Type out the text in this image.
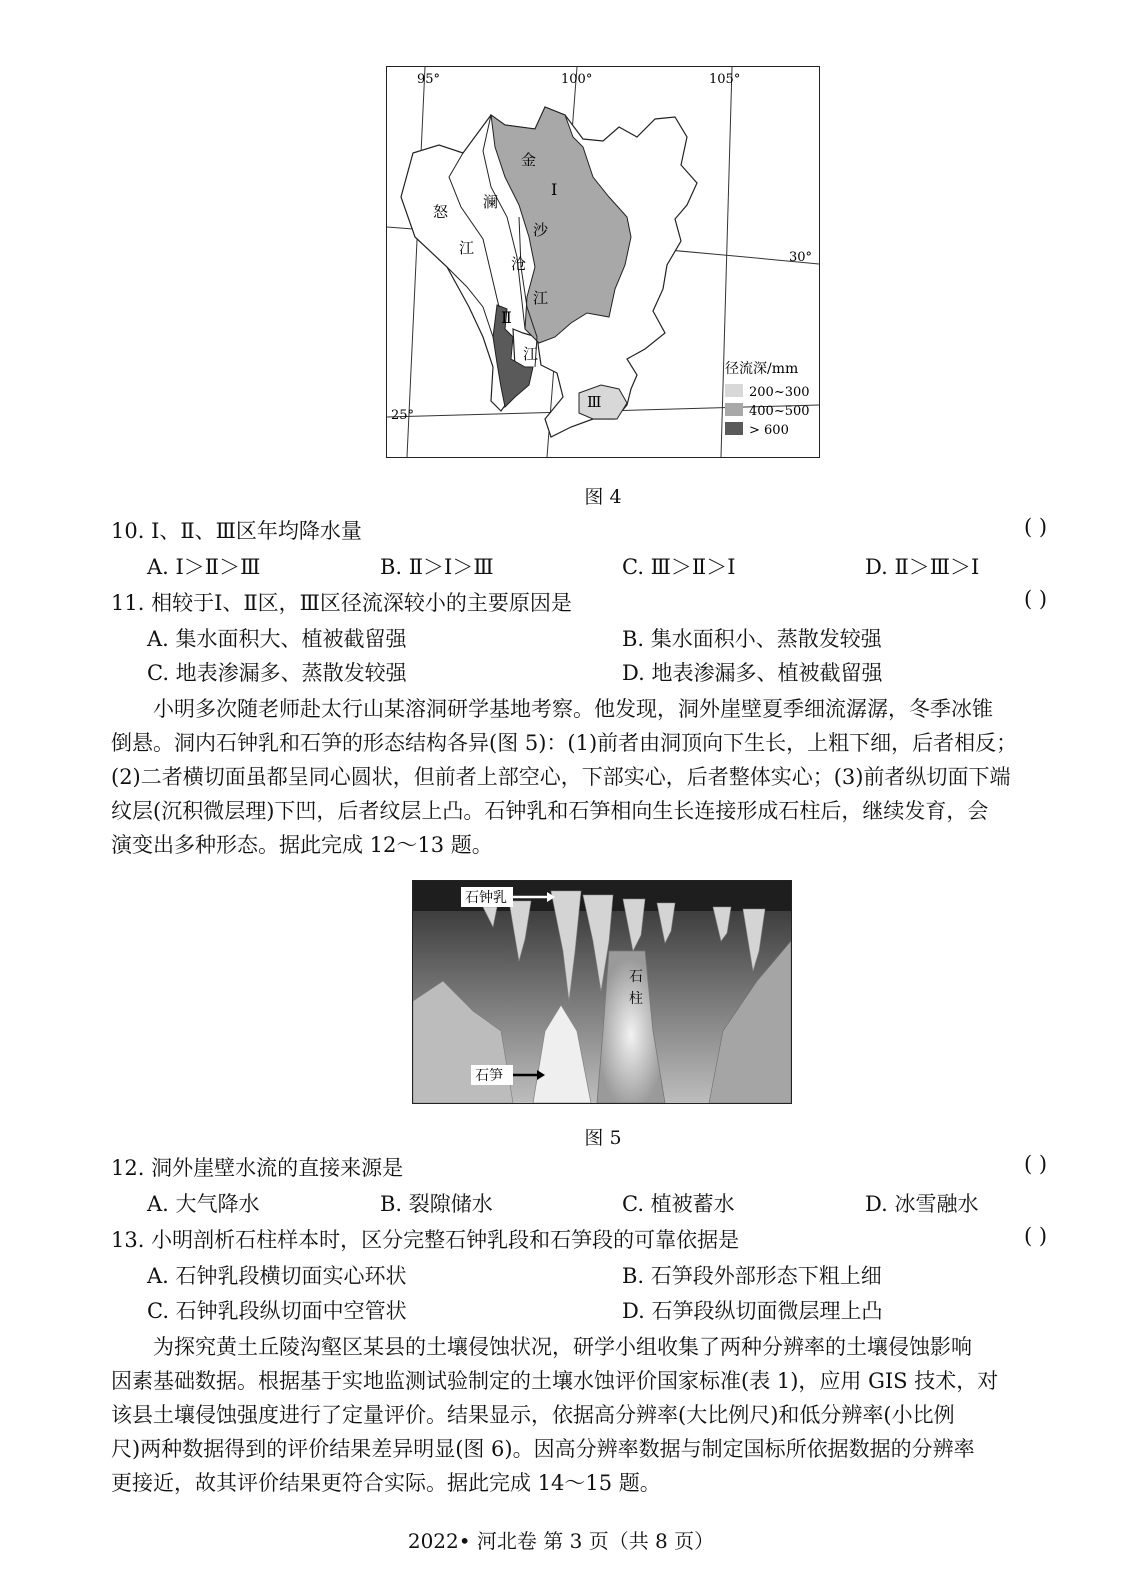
95°	100°	105°
30°
25°
Ⅰ
Ⅱ
Ⅲ
怒
江
澜
沧
江
金
沙
江
径流深/mm
200~300
400~500
> 600
图 4
10. Ⅰ、Ⅱ、Ⅲ区年均降水量	( )
A. Ⅰ＞Ⅱ＞Ⅲ	B. Ⅱ＞Ⅰ＞Ⅲ	C. Ⅲ＞Ⅱ＞Ⅰ	D. Ⅱ＞Ⅲ＞Ⅰ
11. 相较于Ⅰ、Ⅱ区，Ⅲ区径流深较小的主要原因是	( )
A. 集水面积大、植被截留强	B. 集水面积小、蒸散发较强
C. 地表渗漏多、蒸散发较强	D. 地表渗漏多、植被截留强

小明多次随老师赴太行山某溶洞研学基地考察。他发现，洞外崖壁夏季细流潺潺，冬季冰锥

倒悬。洞内石钟乳和石笋的形态结构各异(图 5)：(1)前者由洞顶向下生长，上粗下细，后者相反；

(2)二者横切面虽都呈同心圆状，但前者上部空心，下部实心，后者整体实心；(3)前者纵切面下端

纹层(沉积微层理)下凹，后者纹层上凸。石钟乳和石笋相向生长连接形成石柱后，继续发育，会

演变出多种形态。据此完成 12～13 题。

石钟乳
石
柱
石笋
图 5
12. 洞外崖壁水流的直接来源是	( )
A. 大气降水	B. 裂隙储水	C. 植被蓄水	D. 冰雪融水
13. 小明剖析石柱样本时，区分完整石钟乳段和石笋段的可靠依据是	( )
A. 石钟乳段横切面实心环状	B. 石笋段外部形态下粗上细
C. 石钟乳段纵切面中空管状	D. 石笋段纵切面微层理上凸

为探究黄土丘陵沟壑区某县的土壤侵蚀状况，研学小组收集了两种分辨率的土壤侵蚀影响

因素基础数据。根据基于实地监测试验制定的土壤水蚀评价国家标准(表 1)，应用 GIS 技术，对

该县土壤侵蚀强度进行了定量评价。结果显示，依据高分辨率(大比例尺)和低分辨率(小比例

尺)两种数据得到的评价结果差异明显(图 6)。因高分辨率数据与制定国标所依据数据的分辨率

更接近，故其评价结果更符合实际。据此完成 14～15 题。

2022• 河北卷 第 3 页（共 8 页）
